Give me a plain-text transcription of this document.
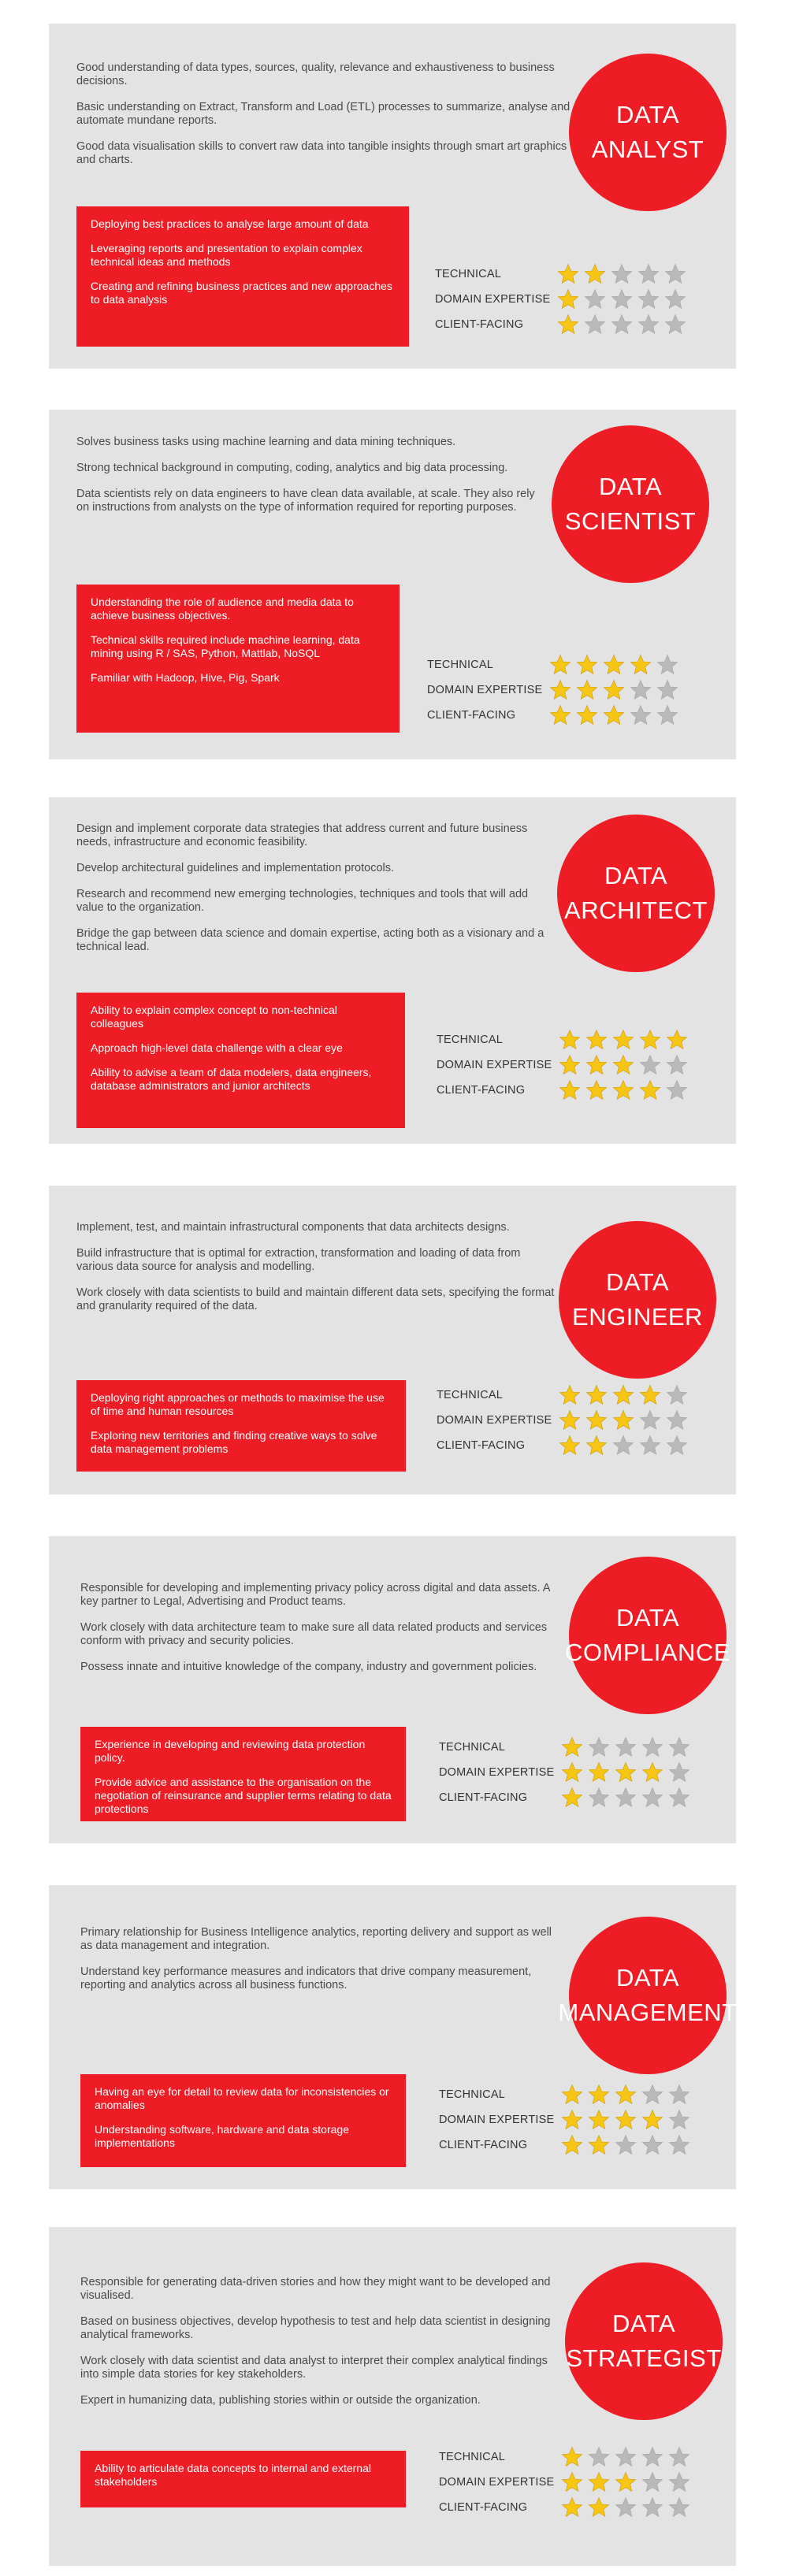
Good understanding of data types, sources, quality, relevance and exhaustiveness to business decisions.

Basic understanding on Extract, Transform and Load (ETL) processes to summarize, analyse and automate mundane reports.

Good data visualisation skills to convert raw data into tangible insights through smart art graphics and charts.

DATA
ANALYST

Deploying best practices to analyse large amount of data

Leveraging reports and presentation to explain complex technical ideas and methods

Creating and refining business practices and new approaches to data analysis

TECHNICAL
DOMAIN EXPERTISE
CLIENT-FACING

Solves business tasks using machine learning and data mining techniques.

Strong technical background in computing, coding, analytics and big data processing.

Data scientists rely on data engineers to have clean data available, at scale. They also rely on instructions from analysts on the type of information required for reporting purposes.

DATA
SCIENTIST

Understanding the role of audience and media data to achieve business objectives.

Technical skills required include machine learning, data mining using R / SAS, Python, Mattlab, NoSQL

Familiar with Hadoop, Hive, Pig, Spark

TECHNICAL
DOMAIN EXPERTISE
CLIENT-FACING

Design and implement corporate data strategies that address current and future business needs, infrastructure and economic feasibility.

Develop architectural guidelines and implementation protocols.

Research and recommend new emerging technologies, techniques and tools that will add value to the organization.

Bridge the gap between data science and domain expertise, acting both as a visionary and a technical lead.

DATA
ARCHITECT

Ability to explain complex concept to non-technical colleagues

Approach high-level data challenge with a clear eye

Ability to advise a team of data modelers, data engineers, database administrators and junior architects

TECHNICAL
DOMAIN EXPERTISE
CLIENT-FACING

Implement, test, and maintain infrastructural components that data architects designs.

Build infrastructure that is optimal for extraction, transformation and loading of data from various data source for analysis and modelling.

Work closely with data scientists to build and maintain different data sets, specifying the format and granularity required of the data.

DATA
ENGINEER

Deploying right approaches or methods to maximise the use of time and human resources

Exploring new territories and finding creative ways to solve data management problems

TECHNICAL
DOMAIN EXPERTISE
CLIENT-FACING

Responsible for developing and implementing privacy policy across digital and data assets. A key partner to Legal, Advertising and Product teams.

Work closely with data architecture team to make sure all data related products and services conform with privacy and security policies.

Possess innate and intuitive knowledge of the company, industry and government policies.

DATA
COMPLIANCE

Experience in developing and reviewing data protection policy.

Provide advice and assistance to the organisation on the negotiation of reinsurance and supplier terms relating to data protections

TECHNICAL
DOMAIN EXPERTISE
CLIENT-FACING

Primary relationship for Business Intelligence analytics, reporting delivery and support as well as data management and integration.

Understand key performance measures and indicators that drive company measurement, reporting and analytics across all business functions.	DATA
MANAGEMENT

Having an eye for detail to review data for inconsistencies or anomalies

Understanding software, hardware and data storage implementations

TECHNICAL
DOMAIN EXPERTISE
CLIENT-FACING

Responsible for generating data-driven stories and how they might want to be developed and visualised.

Based on business objectives, develop hypothesis to test and help data scientist in designing analytical frameworks.

Work closely with data scientist and data analyst to interpret their complex analytical findings into simple data stories for key stakeholders.

Expert in humanizing data, publishing stories within or outside the organization.

DATA
STRATEGIST

Ability to articulate data concepts to internal and external stakeholders

TECHNICAL
DOMAIN EXPERTISE
CLIENT-FACING
